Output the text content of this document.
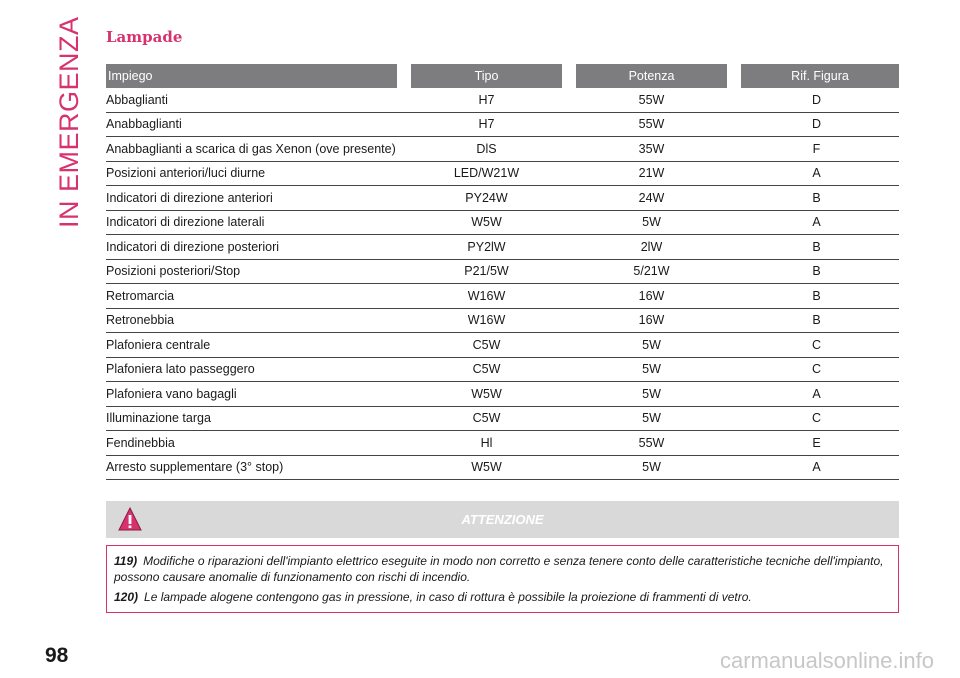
IN EMERGENZA Lampade
Impiego	Tipo	Potenza	Rif. Figura
Abbaglianti	H7	55W	D
Anabbaglianti	H7	55W	D
Anabbaglianti a scarica di gas Xenon (ove presente)	DlS	35W	F
Posizioni anteriori/luci diurne	LED/W21W	21W	A
Indicatori di direzione anteriori	PY24W	24W	B
Indicatori di direzione laterali	W5W	5W	A
Indicatori di direzione posteriori	PY2lW	2lW	B
Posizioni posteriori/Stop	P21/5W	5/21W	B
Retromarcia	W16W	16W	B
Retronebbia	W16W	16W	B
Plafoniera centrale	C5W	5W	C
Plafoniera lato passeggero	C5W	5W	C
Plafoniera vano bagagli	W5W	5W	A
Illuminazione targa	C5W	5W	C
Fendinebbia	Hl	55W	E
Arresto supplementare (3° stop)	W5W	5W	A
ATTENZIONE
119) Modifiche o riparazioni dell'impianto elettrico eseguite in modo non corretto e senza tenere conto delle caratteristiche tecniche dell'impianto, possono causare anomalie di funzionamento con rischi di incendio.
120) Le lampade alogene contengono gas in pressione, in caso di rottura è possibile la proiezione di frammenti di vetro.
98	carmanualsonline.info
